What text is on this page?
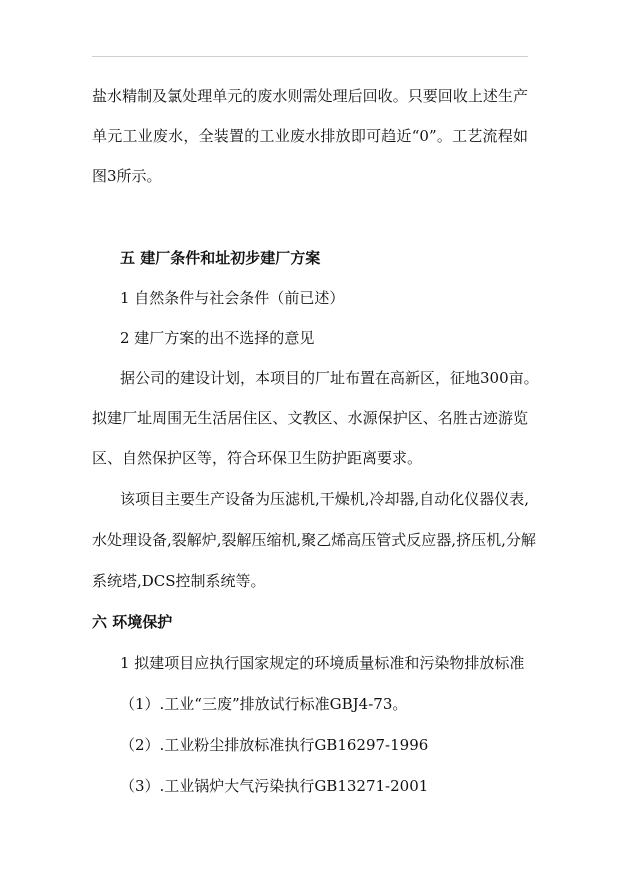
盐水精制及氯处理单元的废水则需处理后回收。只要回收上述生产
单元工业废水，全装置的工业废水排放即可趋近“0”。工艺流程如
图3所示。
五 建厂条件和址初步建厂方案
1 自然条件与社会条件（前已述）
2 建厂方案的出不选择的意见
据公司的建设计划，本项目的厂址布置在高新区，征地300亩。
拟建厂址周围无生活居住区、文教区、水源保护区、名胜古迹游览
区、自然保护区等，符合环保卫生防护距离要求。
该项目主要生产设备为压滤机,干燥机,冷却器,自动化仪器仪表,
水处理设备,裂解炉,裂解压缩机,聚乙烯高压管式反应器,挤压机,分解
系统塔,DCS控制系统等。
六 环境保护
1 拟建项目应执行国家规定的环境质量标准和污染物排放标准
（1）.工业“三废”排放试行标准GBJ4-73。
（2）.工业粉尘排放标准执行GB16297-1996
（3）.工业锅炉大气污染执行GB13271-2001
